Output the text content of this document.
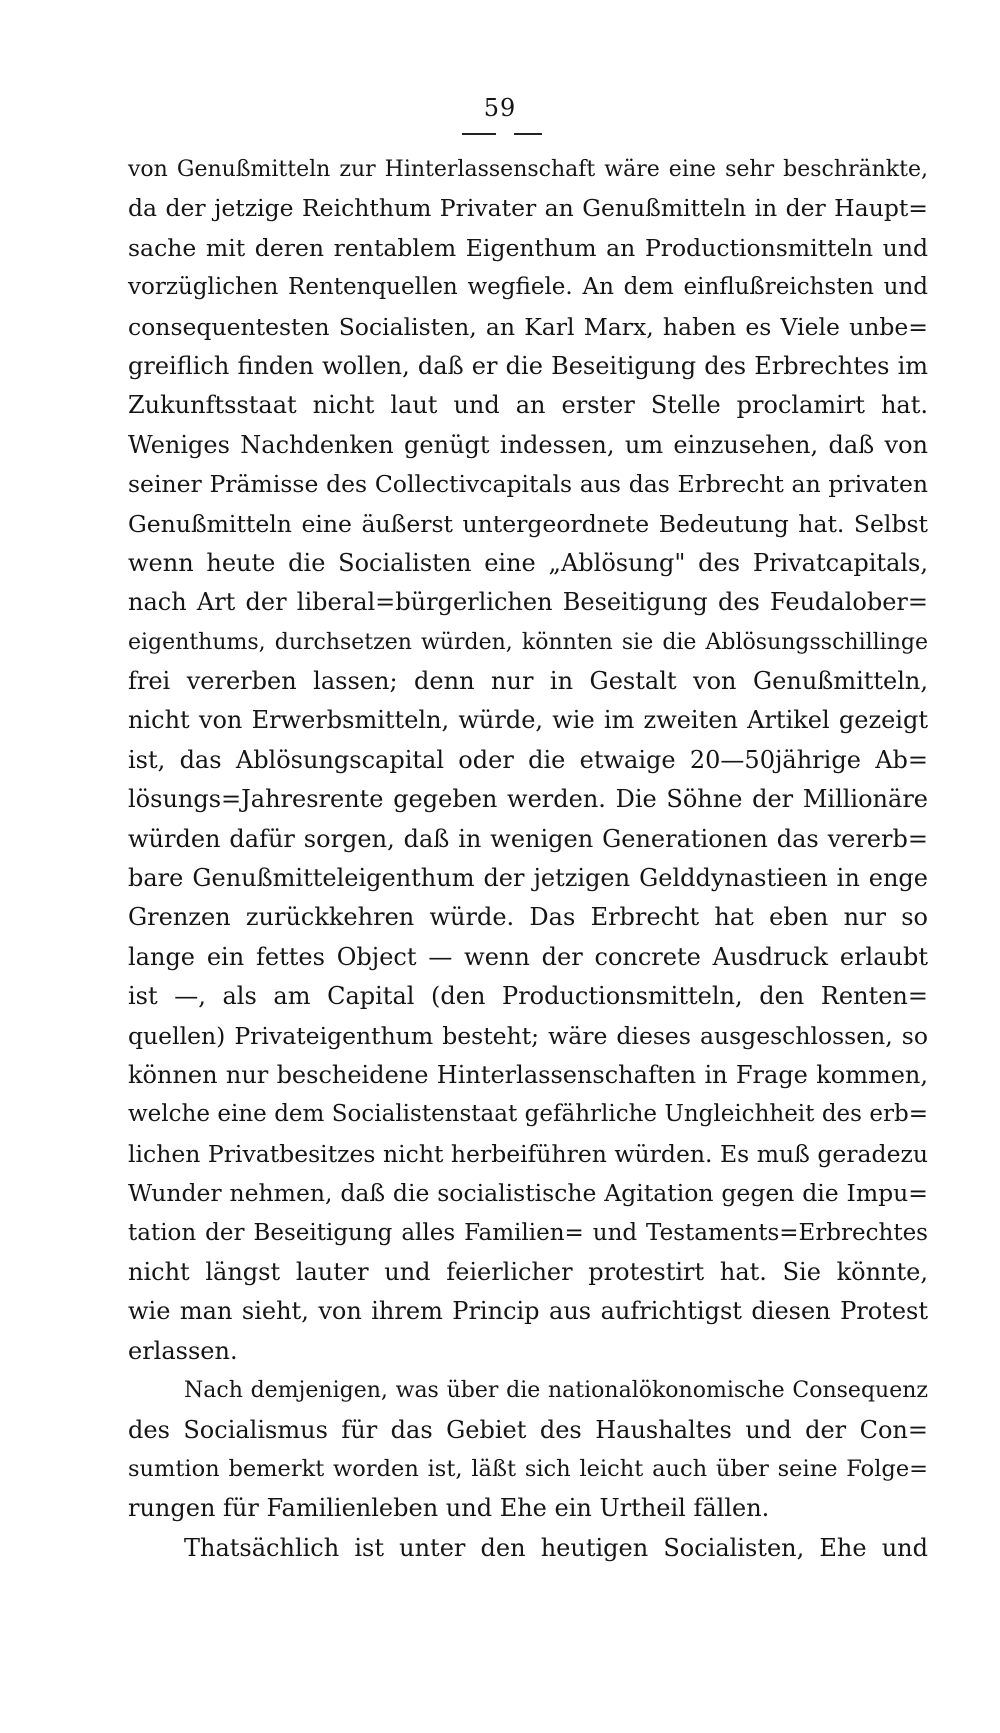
59
von Genußmitteln zur Hinterlassenschaft wäre eine sehr beschränkte,
da der jetzige Reichthum Privater an Genußmitteln in der Haupt=
sache mit deren rentablem Eigenthum an Productionsmitteln und
vorzüglichen Rentenquellen wegfiele. An dem einflußreichsten und
consequentesten Socialisten, an Karl Marx, haben es Viele unbe=
greiflich finden wollen, daß er die Beseitigung des Erbrechtes im
Zukunftsstaat nicht laut und an erster Stelle proclamirt hat.
Weniges Nachdenken genügt indessen, um einzusehen, daß von
seiner Prämisse des Collectivcapitals aus das Erbrecht an privaten
Genußmitteln eine äußerst untergeordnete Bedeutung hat. Selbst
wenn heute die Socialisten eine „Ablösung" des Privatcapitals,
nach Art der liberal=bürgerlichen Beseitigung des Feudalober=
eigenthums, durchsetzen würden, könnten sie die Ablösungsschillinge
frei vererben lassen; denn nur in Gestalt von Genußmitteln,
nicht von Erwerbsmitteln, würde, wie im zweiten Artikel gezeigt
ist, das Ablösungscapital oder die etwaige 20—50jährige Ab=
lösungs=Jahresrente gegeben werden. Die Söhne der Millionäre
würden dafür sorgen, daß in wenigen Generationen das vererb=
bare Genußmitteleigenthum der jetzigen Gelddynastieen in enge
Grenzen zurückkehren würde. Das Erbrecht hat eben nur so
lange ein fettes Object — wenn der concrete Ausdruck erlaubt
ist —, als am Capital (den Productionsmitteln, den Renten=
quellen) Privateigenthum besteht; wäre dieses ausgeschlossen, so
können nur bescheidene Hinterlassenschaften in Frage kommen,
welche eine dem Socialistenstaat gefährliche Ungleichheit des erb=
lichen Privatbesitzes nicht herbeiführen würden. Es muß geradezu
Wunder nehmen, daß die socialistische Agitation gegen die Impu=
tation der Beseitigung alles Familien= und Testaments=Erbrechtes
nicht längst lauter und feierlicher protestirt hat. Sie könnte,
wie man sieht, von ihrem Princip aus aufrichtigst diesen Protest
erlassen.
Nach demjenigen, was über die nationalökonomische Consequenz
des Socialismus für das Gebiet des Haushaltes und der Con=
sumtion bemerkt worden ist, läßt sich leicht auch über seine Folge=
rungen für Familienleben und Ehe ein Urtheil fällen.
Thatsächlich ist unter den heutigen Socialisten, Ehe und
